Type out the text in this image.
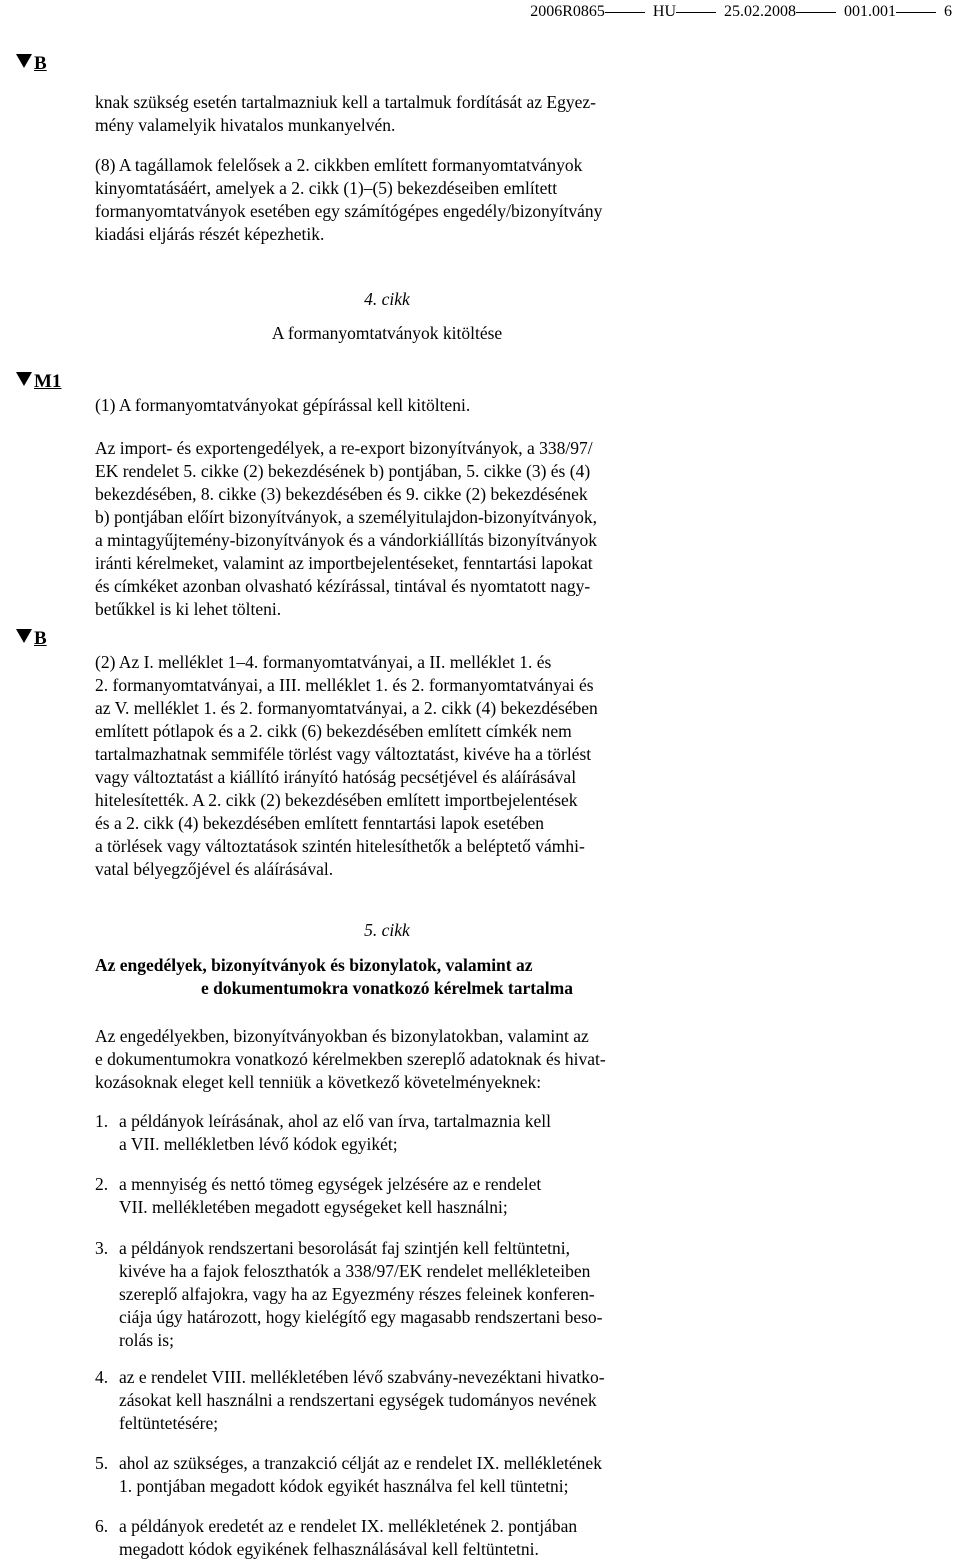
2006R0865	HU	25.02.2008	001.001	6
B
M1
B

knak szükség esetén tartalmazniuk kell a tartalmuk fordítását az Egyez-

mény valamelyik hivatalos munkanyelvén.

(8) A tagállamok felelősek a 2. cikkben említett formanyomtatványok

kinyomtatásáért, amelyek a 2. cikk (1)–(5) bekezdéseiben említett

formanyomtatványok esetében egy számítógépes engedély/bizonyítvány

kiadási eljárás részét képezhetik.

4. cikk
A formanyomtatványok kitöltése
(1) A formanyomtatványokat gépírással kell kitölteni.

Az import- és exportengedélyek, a re-export bizonyítványok, a 338/97/

EK rendelet 5. cikke (2) bekezdésének b) pontjában, 5. cikke (3) és (4)

bekezdésében, 8. cikke (3) bekezdésében és 9. cikke (2) bekezdésének

b) pontjában előírt bizonyítványok, a személyitulajdon-bizonyítványok,

a mintagyűjtemény-bizonyítványok és a vándorkiállítás bizonyítványok

iránti kérelmeket, valamint az importbejelentéseket, fenntartási lapokat

és címkéket azonban olvasható kézírással, tintával és nyomtatott nagy-

betűkkel is ki lehet tölteni.

(2) Az I. melléklet 1–4. formanyomtatványai, a II. melléklet 1. és

2. formanyomtatványai, a III. melléklet 1. és 2. formanyomtatványai és

az V. melléklet 1. és 2. formanyomtatványai, a 2. cikk (4) bekezdésében

említett pótlapok és a 2. cikk (6) bekezdésében említett címkék nem

tartalmazhatnak semmiféle törlést vagy változtatást, kivéve ha a törlést

vagy változtatást a kiállító irányító hatóság pecsétjével és aláírásával

hitelesítették. A 2. cikk (2) bekezdésében említett importbejelentések

és a 2. cikk (4) bekezdésében említett fenntartási lapok esetében

a törlések vagy változtatások szintén hitelesíthetők a beléptető vámhi-

vatal bélyegzőjével és aláírásával.

5. cikk

Az engedélyek, bizonyítványok és bizonylatok, valamint az

e dokumentumokra vonatkozó kérelmek tartalma

Az engedélyekben, bizonyítványokban és bizonylatokban, valamint az

e dokumentumokra vonatkozó kérelmekben szereplő adatoknak és hivat-

kozásoknak eleget kell tenniük a következő követelményeknek:

1. a példányok leírásának, ahol az elő van írva, tartalmaznia kell

a VII. mellékletben lévő kódok egyikét;

2. a mennyiség és nettó tömeg egységek jelzésére az e rendelet

VII. mellékletében megadott egységeket kell használni;

3. a példányok rendszertani besorolását faj szintjén kell feltüntetni,

kivéve ha a fajok feloszthatók a 338/97/EK rendelet mellékleteiben

szereplő alfajokra, vagy ha az Egyezmény részes feleinek konferen-

ciája úgy határozott, hogy kielégítő egy magasabb rendszertani beso-

rolás is;

4. az e rendelet VIII. mellékletében lévő szabvány-nevezéktani hivatko-

zásokat kell használni a rendszertani egységek tudományos nevének

feltüntetésére;

5. ahol az szükséges, a tranzakció célját az e rendelet IX. mellékletének

1. pontjában megadott kódok egyikét használva fel kell tüntetni;

6. a példányok eredetét az e rendelet IX. mellékletének 2. pontjában

megadott kódok egyikének felhasználásával kell feltüntetni.
